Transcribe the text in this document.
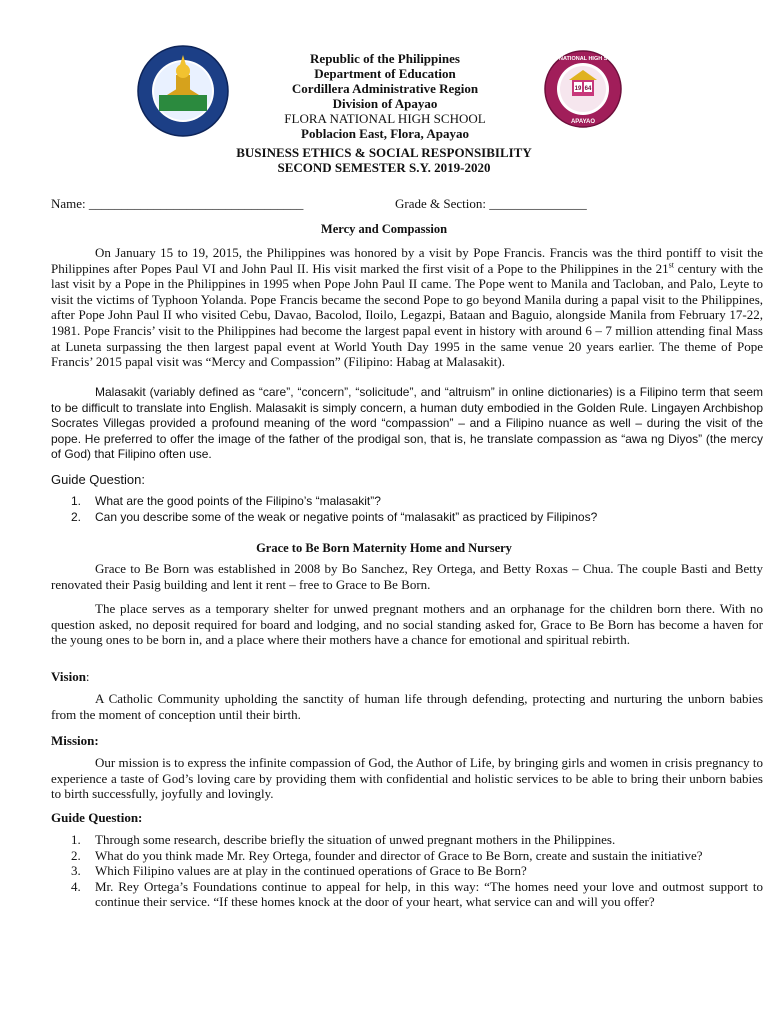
19 64
FLORA NATIONAL HIGH SCHOOL
APAYAO
Republic of the Philippines
Department of Education
Cordillera Administrative Region
Division of Apayao
FLORA NATIONAL HIGH SCHOOL
Poblacion East, Flora, Apayao
BUSINESS ETHICS & SOCIAL RESPONSIBILITY
SECOND SEMESTER S.Y. 2019-2020
Name: _________________________________	Grade & Section: _______________
Mercy and Compassion
On January 15 to 19, 2015, the Philippines was honored by a visit by Pope Francis. Francis was the third pontiff to visit the Philippines after Popes Paul VI and John Paul II. His visit marked the first visit of a Pope to the Philippines in the 21st century with the last visit by a Pope in the Philippines in 1995 when Pope John Paul II came. The Pope went to Manila and Tacloban, and Palo, Leyte to visit the victims of Typhoon Yolanda. Pope Francis became the second Pope to go beyond Manila during a papal visit to the Philippines, after Pope John Paul II who visited Cebu, Davao, Bacolod, Iloilo, Legazpi, Bataan and Baguio, alongside Manila from February 17-22, 1981. Pope Francis’ visit to the Philippines had become the largest papal event in history with around 6 – 7 million attending final Mass at Luneta surpassing the then largest papal event at World Youth Day 1995 in the same venue 20 years earlier. The theme of Pope Francis’ 2015 papal visit was “Mercy and Compassion” (Filipino: Habag at Malasakit).
Malasakit (variably defined as “care”, “concern”, “solicitude”, and “altruism” in online dictionaries) is a Filipino term that seem to be difficult to translate into English. Malasakit is simply concern, a human duty embodied in the Golden Rule. Lingayen Archbishop Socrates Villegas provided a profound meaning of the word “compassion” – and a Filipino nuance as well – during the visit of the pope. He preferred to offer the image of the father of the prodigal son, that is, he translate compassion as “awa ng Diyos” (the mercy of God) that Filipino often use.
Guide Question:
1.	What are the good points of the Filipino’s “malasakit”?
2.	Can you describe some of the weak or negative points of “malasakit” as practiced by Filipinos?
Grace to Be Born Maternity Home and Nursery
Grace to Be Born was established in 2008 by Bo Sanchez, Rey Ortega, and Betty Roxas – Chua. The couple Basti and Betty renovated their Pasig building and lent it rent – free to Grace to Be Born.
The place serves as a temporary shelter for unwed pregnant mothers and an orphanage for the children born there. With no question asked, no deposit required for board and lodging, and no social standing asked for, Grace to Be Born has become a haven for the young ones to be born in, and a place where their mothers have a chance for emotional and spiritual rebirth.
Vision:
A Catholic Community upholding the sanctity of human life through defending, protecting and nurturing the unborn babies from the moment of conception until their birth.
Mission:
Our mission is to express the infinite compassion of God, the Author of Life, by bringing girls and women in crisis pregnancy to experience a taste of God’s loving care by providing them with confidential and holistic services to be able to bring their unborn babies to birth successfully, joyfully and lovingly.
Guide Question:
1.	Through some research, describe briefly the situation of unwed pregnant mothers in the Philippines.
2.	What do you think made Mr. Rey Ortega, founder and director of Grace to Be Born, create and sustain the initiative?
3.	Which Filipino values are at play in the continued operations of Grace to Be Born?
4.	Mr. Rey Ortega’s Foundations continue to appeal for help, in this way: “The homes need your love and outmost support to continue their service. “If these homes knock at the door of your heart, what service can and will you offer?
